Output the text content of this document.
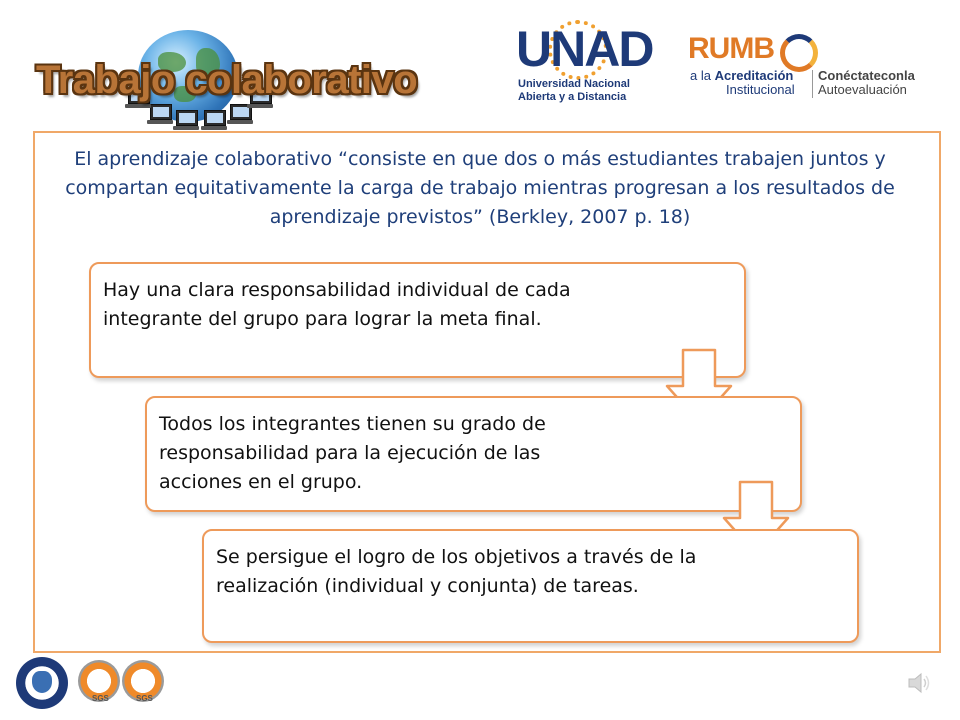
Trabajo colaborativo
UNAD
Universidad Nacional
Abierta y a Distancia
RUMB
a la Acreditación
Institucional
Conéctateconla
Autoevaluación
El aprendizaje colaborativo “consiste en que dos o más estudiantes trabajen juntos y compartan equitativamente la carga de trabajo mientras progresan a los resultados de aprendizaje previstos” (Berkley, 2007 p. 18)
Hay una clara responsabilidad individual de cada integrante del grupo para lograr la meta final.
Todos los integrantes tienen su grado de responsabilidad para la ejecución de las acciones en el grupo.
Se persigue el logro de los objetivos a través de la realización (individual y conjunta) de tareas.
SGS	SGS
